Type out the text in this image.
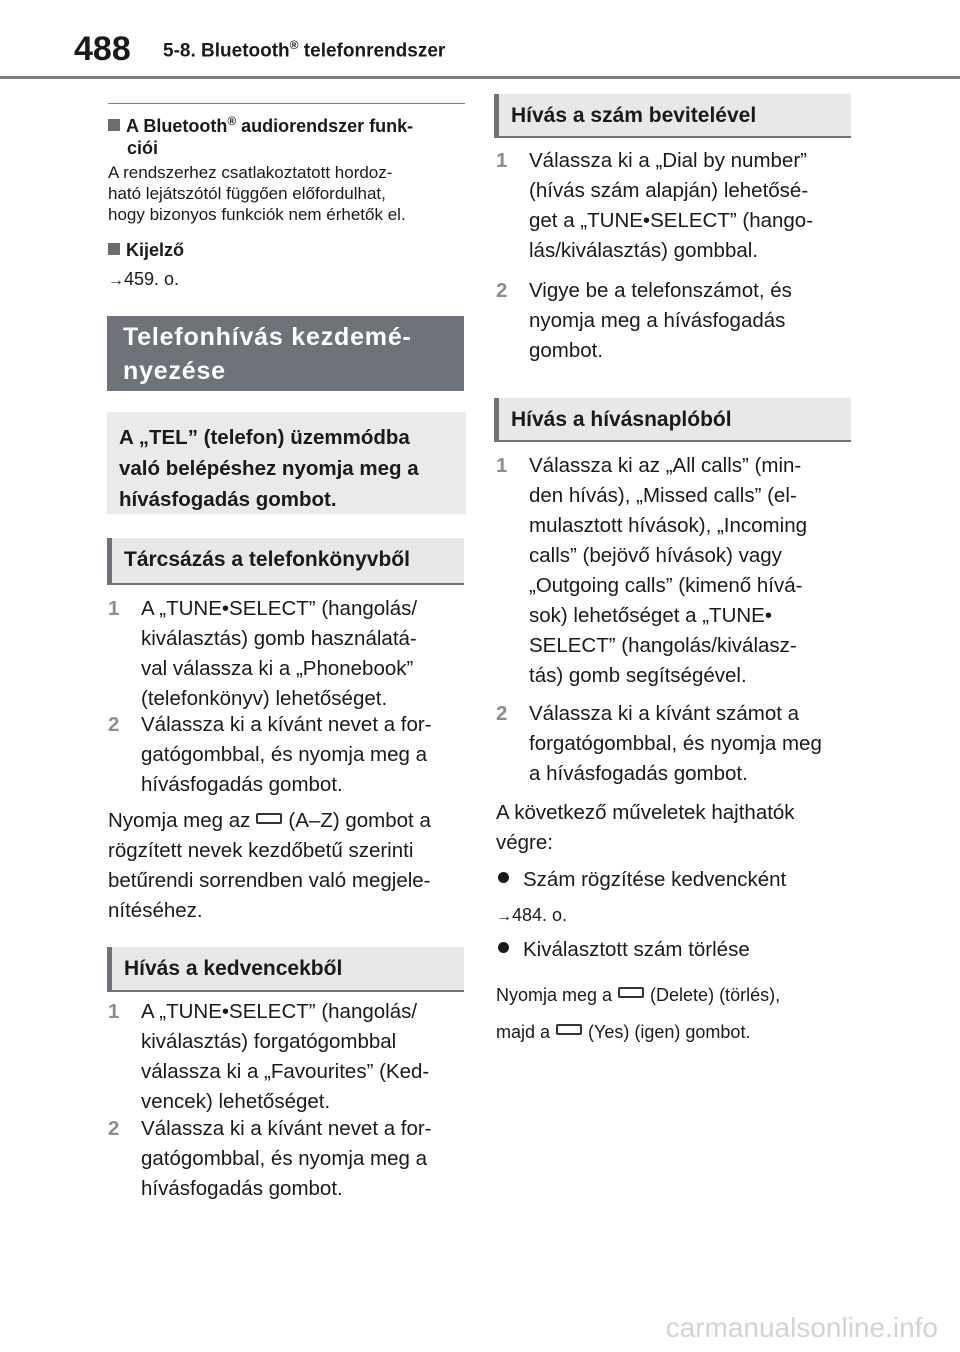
488 5-8. Bluetooth® telefonrendszer
A Bluetooth® audiorendszer funk-
ciói
A rendszerhez csatlakoztatott hordoz-
ható lejátszótól függően előfordulhat,
hogy bizonyos funkciók nem érhetők el.
Kijelző
→459. o.
Telefonhívás kezdemé-
nyezése
A „TEL” (telefon) üzemmódba
való belépéshez nyomja meg a
hívásfogadás gombot.
Tárcsázás a telefonkönyvből
1 A „TUNE•SELECT” (hangolás/
kiválasztás) gomb használatá-
val válassza ki a „Phonebook”
(telefonkönyv) lehetőséget.
2 Válassza ki a kívánt nevet a for-
gatógombbal, és nyomja meg a
hívásfogadás gombot.
Nyomja meg az (A–Z) gombot a
rögzített nevek kezdőbetű szerinti
betűrendi sorrendben való megjele-
nítéséhez.
Hívás a kedvencekből
1 A „TUNE•SELECT” (hangolás/
kiválasztás) forgatógombbal
válassza ki a „Favourites” (Ked-
vencek) lehetőséget.
2 Válassza ki a kívánt nevet a for-
gatógombbal, és nyomja meg a
hívásfogadás gombot.
Hívás a szám bevitelével
1 Válassza ki a „Dial by number”
(hívás szám alapján) lehetősé-
get a „TUNE•SELECT” (hango-
lás/kiválasztás) gombbal.
2 Vigye be a telefonszámot, és
nyomja meg a hívásfogadás
gombot.
Hívás a hívásnaplóból
1 Válassza ki az „All calls” (min-
den hívás), „Missed calls” (el-
mulasztott hívások), „Incoming
calls” (bejövő hívások) vagy
„Outgoing calls” (kimenő hívá-
sok) lehetőséget a „TUNE•
SELECT” (hangolás/kiválasz-
tás) gomb segítségével.
2 Válassza ki a kívánt számot a
forgatógombbal, és nyomja meg
a hívásfogadás gombot.
A következő műveletek hajthatók
végre:
Szám rögzítése kedvencként
→484. o.
Kiválasztott szám törlése
Nyomja meg a (Delete) (törlés),
majd a (Yes) (igen) gombot.
carmanualsonline.info
